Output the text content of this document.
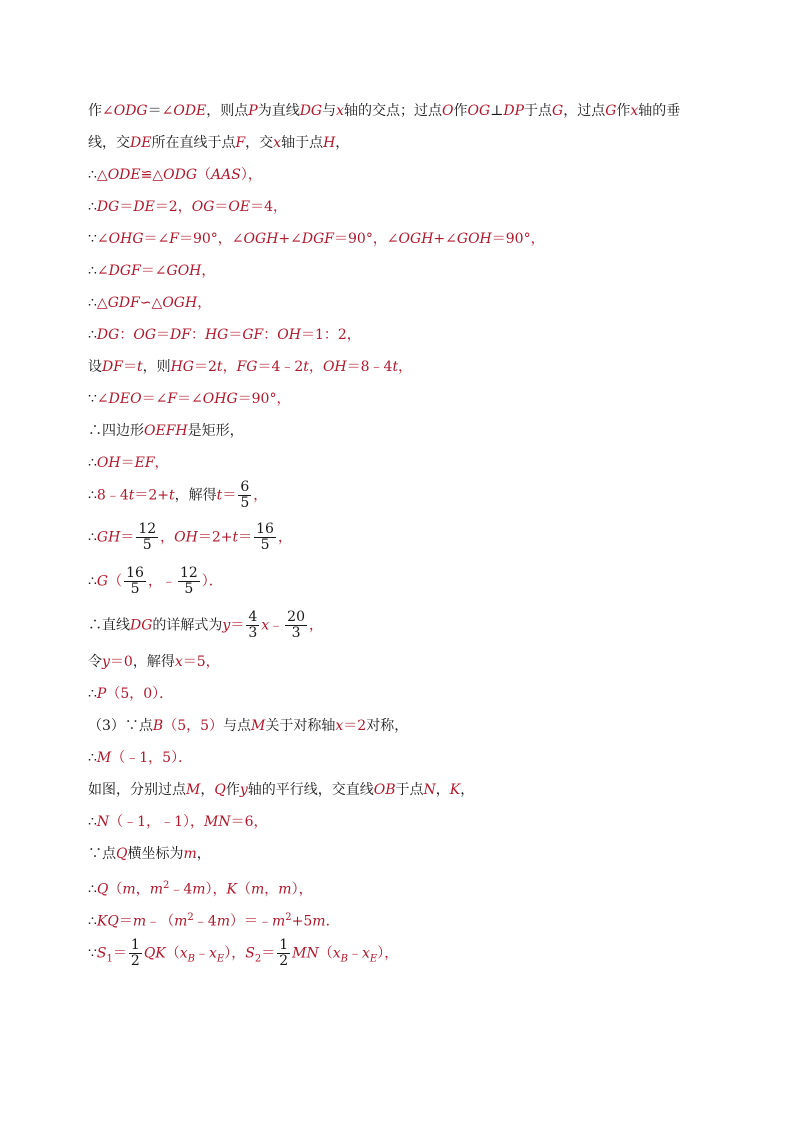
作∠ODG＝∠ODE，则点P为直线DG与x轴的交点；过点O作OG⊥DP于点G，过点G作x轴的垂
线，交DE所在直线于点F，交x轴于点H，
∴△ODE≌△ODG（AAS），
∴DG＝DE＝2，OG＝OE＝4，
∵∠OHG＝∠F＝90°，∠OGH+∠DGF＝90°，∠OGH+∠GOH＝90°，
∴∠DGF＝∠GOH，
∴△GDF∽△OGH，
∴DG：OG＝DF：HG＝GF：OH＝1：2，
设DF＝t，则HG＝2t，FG＝4﹣2t，OH＝8﹣4t，
∵∠DEO＝∠F＝∠OHG＝90°，
∴四边形OEFH是矩形，
∴OH＝EF，
∴8﹣4t＝2+t，解得$t= \frac{6}{5}$ ，
∴GH＝ $\frac{12}{5}$ ，$OH=2+t= \frac{16}{5}$ ，
∴G（ $\frac{16}{5}$ ，﹣ $\frac{12}{5}$ ）．
∴直线DG的详解式为$y= \frac{4}{3}$ x﹣ $\frac{20}{3}$ ，
令y＝0，解得x＝5，
∴P（5，0）．
（3）∵点B（5，5）与点M关于对称轴x＝2对称，
∴M（﹣1，5）．
如图，分别过点M，Q作y轴的平行线，交直线OB于点N，K，
∴N（﹣1，﹣1），MN＝6，
∵点Q横坐标为m，
∴Q（m，$m^2﹣4m$），K（m，m），
$\therefore KQ=m﹣(m^2﹣4m)=﹣m^2+5m$．
$\because S_1= \frac{1}{2}$ $QK(x_B﹣x_E)$，$S_2= \frac{1}{2}$ $MN(x_B﹣x_E)$，
